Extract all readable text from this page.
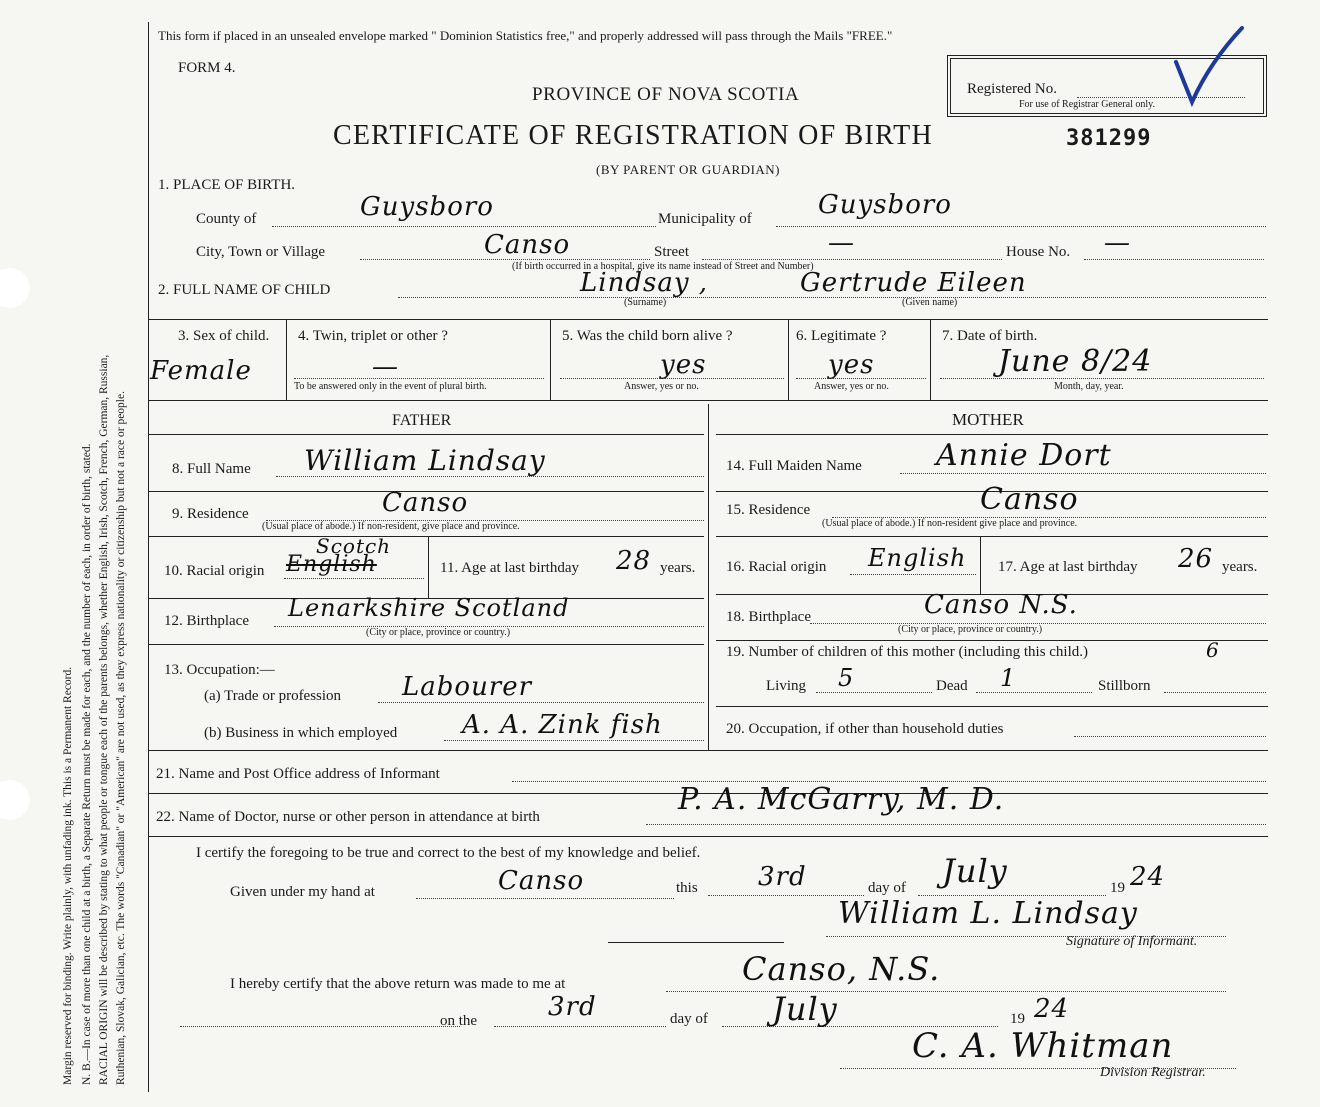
Margin reserved for binding. Write plainly, with unfading ink. This is a Permanent Record. N. B.—In case of more than one child at a birth, a Separate Return must be made for each, and the number of each, in order of birth, stated. RACIAL ORIGIN will be described by stating to what people or tongue each of the parents belongs, whether English, Irish, Scotch, French, German, Russian, Ruthenian, Slovak, Galician, etc. The words "Canadian" or "American" are not used, as they express nationality or citizenship but not a race or people.
This form if placed in an unsealed envelope marked " Dominion Statistics free," and properly addressed will pass through the Mails "FREE."
FORM 4.
Registered No.
For use of Registrar General only.
PROVINCE OF NOVA SCOTIA
CERTIFICATE OF REGISTRATION OF BIRTH	381299
(BY PARENT OR GUARDIAN)
1. PLACE OF BIRTH.
County of	Guysboro	Municipality of	Guysboro
City, Town or Village	Canso	Street	—	House No. —
(If birth occurred in a hospital, give its name instead of Street and Number)
2. FULL NAME OF CHILD	Lindsay ,	Gertrude Eileen
(Surname)	(Given name)
3. Sex of child.
Female
4. Twin, triplet or other ?
—
To be answered only in the event of plural birth.
5. Was the child born alive ?
yes
Answer, yes or no.
6. Legitimate ?
yes
Answer, yes or no.
7. Date of birth.
June 8/24
Month, day, year.
FATHER	MOTHER
8. Full Name William Lindsay
9. Residence	Canso
(Usual place of abode.) If non-resident, give place and province.
10. Racial origin
Scotch
English	11. Age at last birthday 28 years.
12. Birthplace Lenarkshire Scotland
(City or place, province or country.)
13. Occupation:—
(a) Trade or profession Labourer
(b) Business in which employed A. A. Zink fish
14. Full Maiden Name Annie Dort
15. Residence	Canso
(Usual place of abode.) If non-resident give place and province.
16. Racial origin English 17. Age at last birthday 26 years.
18. Birthplace	Canso N.S.
(City or place, province or country.)
19. Number of children of this mother (including this child.)	6
Living 5	Dead 1	Stillborn
20. Occupation, if other than household duties
21. Name and Post Office address of Informant
22. Name of Doctor, nurse or other person in attendance at birth	P. A. McGarry, M. D.
I certify the foregoing to be true and correct to the best of my knowledge and belief.
Given under my hand at	Canso	this 3rd	day of July	19 24
William L. Lindsay
Signature of Informant.
I hereby certify that the above return was made to me at	Canso, N.S.
on the	3rd	day of July	19 24
C. A. Whitman
Division Registrar.
